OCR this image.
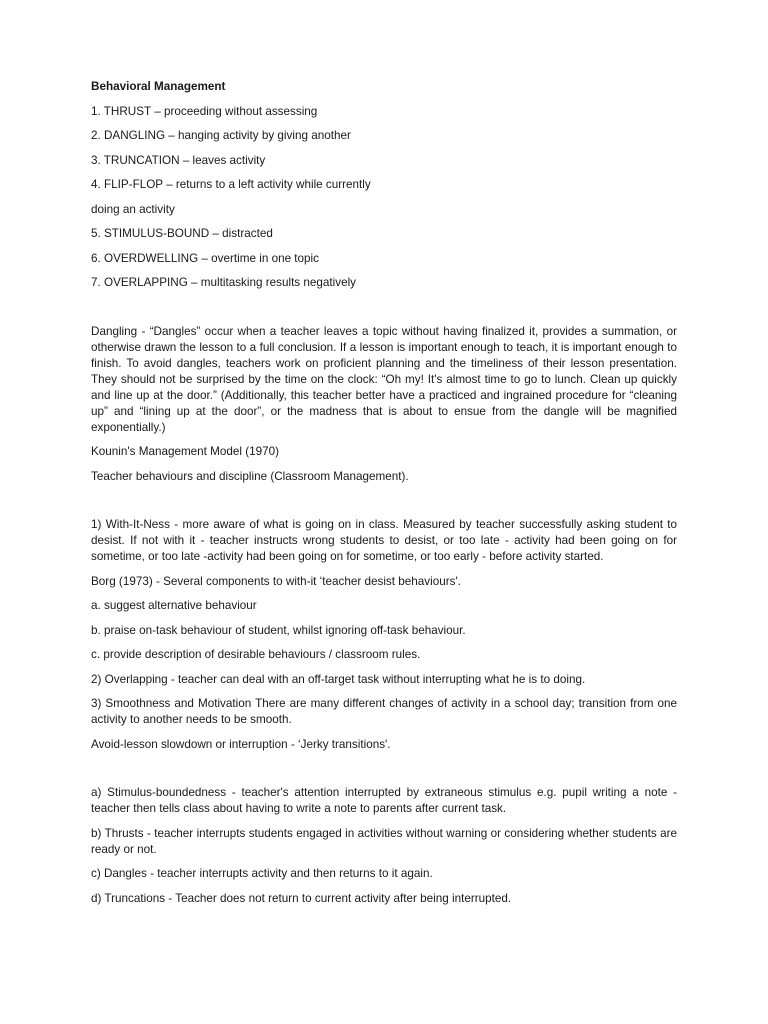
Behavioral Management
1. THRUST – proceeding without assessing
2. DANGLING – hanging activity by giving another
3. TRUNCATION – leaves activity
4. FLIP-FLOP – returns to a left activity while currently
doing an activity
5. STIMULUS-BOUND – distracted
6. OVERDWELLING – overtime in one topic
7. OVERLAPPING – multitasking results negatively
Dangling - “Dangles” occur when a teacher leaves a topic without having finalized it, provides a summation, or otherwise drawn the lesson to a full conclusion. If a lesson is important enough to teach, it is important enough to finish. To avoid dangles, teachers work on proficient planning and the timeliness of their lesson presentation. They should not be surprised by the time on the clock: “Oh my! It's almost time to go to lunch. Clean up quickly and line up at the door.” (Additionally, this teacher better have a practiced and ingrained procedure for “cleaning up” and “lining up at the door”, or the madness that is about to ensue from the dangle will be magnified exponentially.)
Kounin's Management Model (1970)
Teacher behaviours and discipline (Classroom Management).
1) With-It-Ness - more aware of what is going on in class. Measured by teacher successfully asking student to desist. If not with it - teacher instructs wrong students to desist, or too late - activity had been going on for sometime, or too late -activity had been going on for sometime, or too early - before activity started.
Borg (1973) - Several components to with-it ‘teacher desist behaviours'.
a. suggest alternative behaviour
b. praise on-task behaviour of student, whilst ignoring off-task behaviour.
c. provide description of desirable behaviours / classroom rules.
2) Overlapping - teacher can deal with an off-target task without interrupting what he is to doing.
3) Smoothness and Motivation There are many different changes of activity in a school day; transition from one activity to another needs to be smooth.
Avoid-lesson slowdown or interruption - ‘Jerky transitions'.
a) Stimulus-boundedness - teacher's attention interrupted by extraneous stimulus e.g. pupil writing a note - teacher then tells class about having to write a note to parents after current task.
b) Thrusts - teacher interrupts students engaged in activities without warning or considering whether students are ready or not.
c) Dangles - teacher interrupts activity and then returns to it again.
d) Truncations - Teacher does not return to current activity after being interrupted.
